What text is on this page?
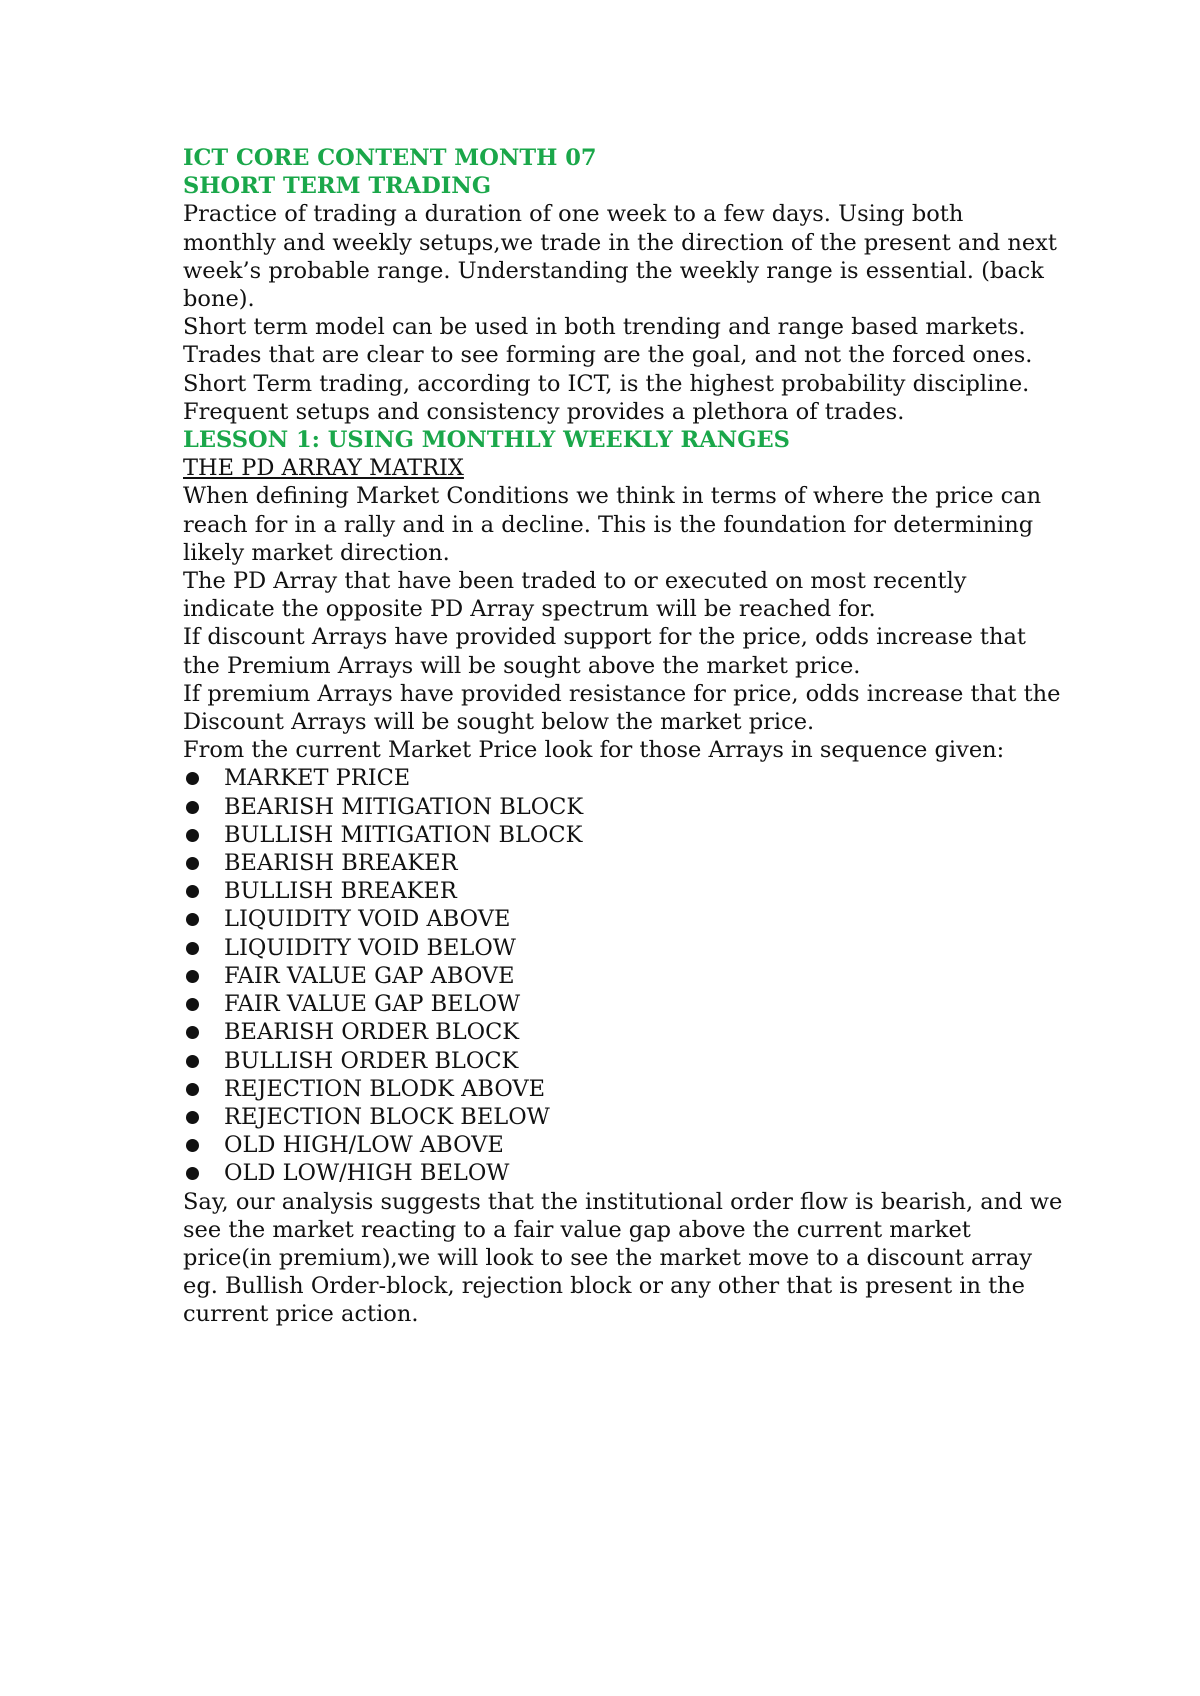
ICT CORE CONTENT MONTH 07
SHORT TERM TRADING

Practice of trading a duration of one week to a few days. Using both monthly and weekly setups,we trade in the direction of the present and next week’s probable range. Understanding the weekly range is essential. (back bone).

Short term model can be used in both trending and range based markets.

Trades that are clear to see forming are the goal, and not the forced ones.

Short Term trading, according to ICT, is the highest probability discipline. Frequent setups and consistency provides a plethora of trades.

LESSON 1: USING MONTHLY WEEKLY RANGES
THE PD ARRAY MATRIX

When defining Market Conditions we think in terms of where the price can reach for in a rally and in a decline. This is the foundation for determining likely market direction.

The PD Array that have been traded to or executed on most recently indicate the opposite PD Array spectrum will be reached for.

If discount Arrays have provided support for the price, odds increase that the Premium Arrays will be sought above the market price.

If premium Arrays have provided resistance for price, odds increase that the Discount Arrays will be sought below the market price.

From the current Market Price look for those Arrays in sequence given:

MARKET PRICE
BEARISH MITIGATION BLOCK
BULLISH MITIGATION BLOCK
BEARISH BREAKER
BULLISH BREAKER
LIQUIDITY VOID ABOVE
LIQUIDITY VOID BELOW
FAIR VALUE GAP ABOVE
FAIR VALUE GAP BELOW
BEARISH ORDER BLOCK
BULLISH ORDER BLOCK
REJECTION BLODK ABOVE
REJECTION BLOCK BELOW
OLD HIGH/LOW ABOVE
OLD LOW/HIGH BELOW

Say, our analysis suggests that the institutional order flow is bearish, and we see the market reacting to a fair value gap above the current market price(in premium),we will look to see the market move to a discount array eg. Bullish Order-block, rejection block or any other that is present in the current price action.
